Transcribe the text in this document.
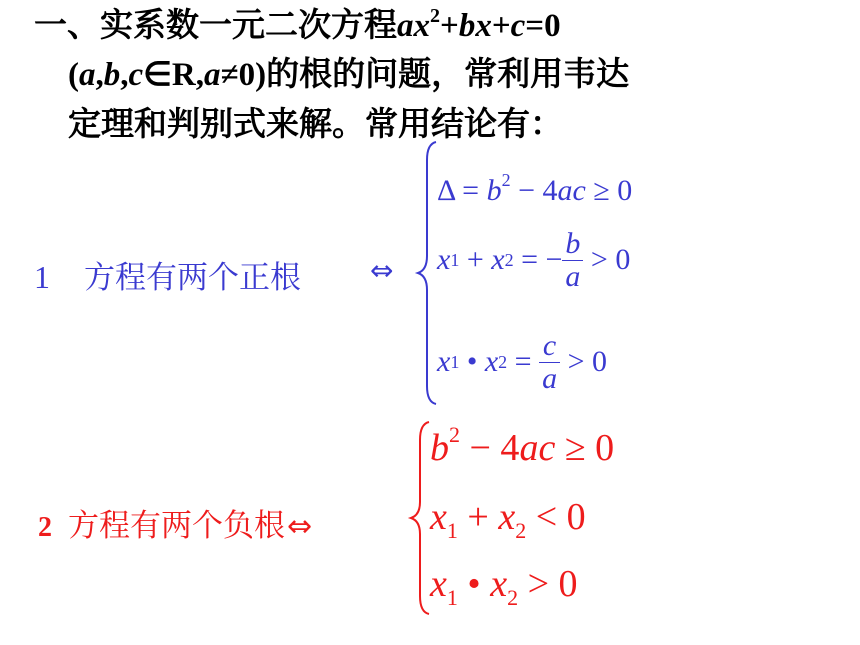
一、实系数一元二次方程$ax^2+bx+c=0$
(a,b,c∈R,a≠0)的根的问题，常利用韦达
定理和判别式来解。常用结论有：
1 方程有两个正根 ⇔
$\Delta = b^2 - 4ac \ge 0$
x 1 + x 2 = − $\frac{b}{a} > 0$
x 1 • x $2 = \frac{c}{a} > 0$
2 方程有两个负根⇔
$b^2 - 4ac \ge 0$
$x_1 + x_2 < 0$
$x_1$ • $x_2 > 0$
